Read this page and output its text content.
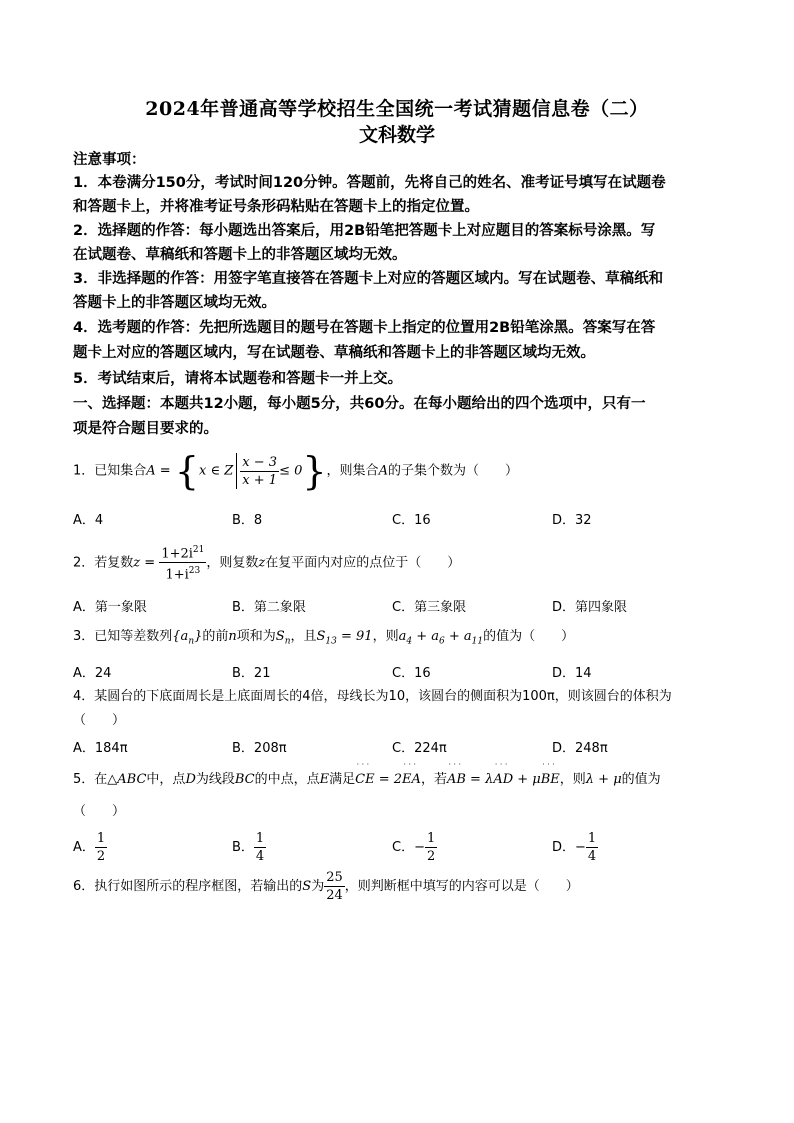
2024年普通高等学校招生全国统一考试猜题信息卷（二）
文科数学
注意事项：
1．本卷满分150分，考试时间120分钟。答题前，先将自己的姓名、准考证号填写在试题卷
和答题卡上，并将准考证号条形码粘贴在答题卡上的指定位置。
2．选择题的作答：每小题选出答案后，用2B铅笔把答题卡上对应题目的答案标号涂黑。写
在试题卷、草稿纸和答题卡上的非答题区域均无效。
3．非选择题的作答：用签字笔直接答在答题卡上对应的答题区域内。写在试题卷、草稿纸和
答题卡上的非答题区域均无效。
4．选考题的作答：先把所选题目的题号在答题卡上指定的位置用2B铅笔涂黑。答案写在答
题卡上对应的答题区域内，写在试题卷、草稿纸和答题卡上的非答题区域均无效。
5．考试结束后，请将本试题卷和答题卡一并上交。
一、选择题：本题共12小题，每小题5分，共60分。在每小题给出的四个选项中，只有一
项是符合题目要求的。
1．已知集合A = {x ∈ Z $\frac{x - 3}{x + 1} \le 0$}，则集合A的子集个数为（　　）
A．4	B．8	C．16	D．32
2．若复数$z = \frac{1+2i^{21}}{1+i^{23}}$ ，则复数z在复平面内对应的点位于（　　）
A．第一象限	B．第二象限	C．第三象限	D．第四象限
3．已知等差数列$\{a_n\}$的前n项和为$S_n$，且$S_{13} = 91$，则$a_4 + a_6 + a_{11}$的值为（　　）
A．24	B．21	C．16	D．14
4．某圆台的下底面周长是上底面周长的4倍，母线长为10，该圆台的侧面积为100π，则该圆台的体积为
（　　）
A．184π	B．208π	C．224π	D．248π
5．在△ABC中，点D为线段BC的中点，点E满足˙˙˙ CE = 2˙˙˙ EA，若˙˙˙ AB = λ˙˙˙ AD + μ˙˙˙ BE，则λ + μ的值为
（　　）
A． $\frac{1}{2}$	B． $\frac{1}{4}$	C．− $\frac{1}{2}$	D．− $\frac{1}{4}$
6．执行如图所示的程序框图，若输出的S为 $\frac{25}{24}$ ，则判断框中填写的内容可以是（　　）
